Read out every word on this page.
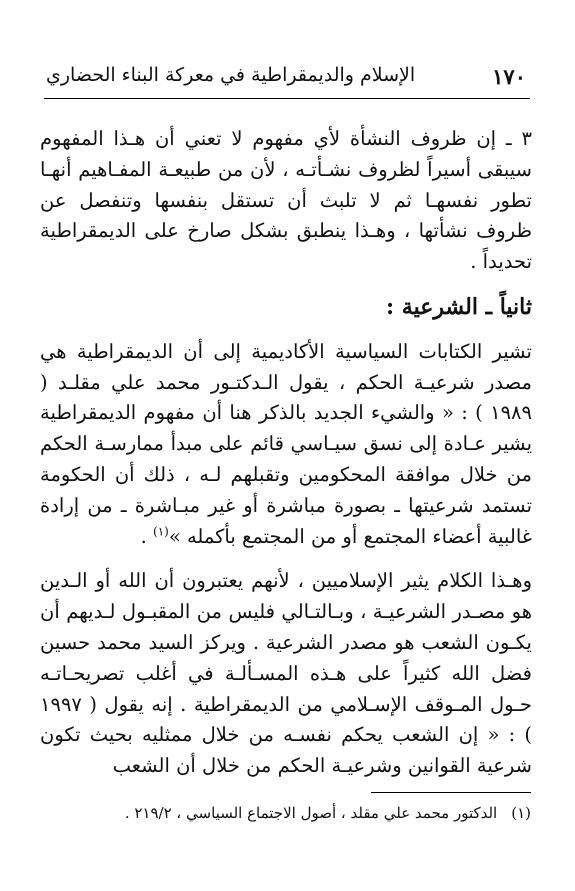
١٧٠
الإسلام والديمقراطية في معركة البناء الحضاري

٣ ـ إن ظروف النشأة لأي مفهوم لا تعني أن هـذا المفهوم سيبقى أسيراً لظروف نشـأتـه ، لأن من طبيعـة المفـاهيم أنهـا تطور نفسهـا ثم لا تلبث أن تستقل بنفسها وتنفصل عن ظروف نشأتها ، وهـذا ينطبق بشكل صارخ على الديمقراطية تحديداً .

ثانياً ـ الشرعية :

تشير الكتابات السياسية الأكاديمية إلى أن الديمقراطية هي مصدر شرعيـة الحكم ، يقول الـدكتـور محمد علي مقلـد ( ١٩٨٩ ) : « والشيء الجديد بالذكر هنا أن مفهوم الديمقراطية يشير عـادة إلى نسق سيـاسي قائم على مبدأ ممارسـة الحكم من خلال موافقة المحكومين وتقبلهم لـه ، ذلك أن الحكومة تستمد شرعيتها ـ بصورة مباشرة أو غير مبـاشرة ـ من إرادة غالبية أعضاء المجتمع أو من المجتمع بأكمله »$^{(١)}$ .

وهـذا الكلام يثير الإسلاميين ، لأنهم يعتبرون أن الله أو الـدين هو مصـدر الشرعيـة ، وبـالتـالي فليس من المقبـول لـديهم أن يكـون الشعب هو مصدر الشرعية . ويركز السيد محمد حسين فضل الله كثيراً على هـذه المسـألـة في أغلب تصريحـاتـه حـول المـوقف الإسـلامي من الديمقراطية . إنه يقول ( ١٩٩٧ ) : « إن الشعب يحكم نفسـه من خلال ممثليه بحيث تكون شرعية القوانين وشرعيـة الحكم من خلال أن الشعب

(١)الدكتور محمد علي مقلد ، أصول الاجتماع السياسي ، ٢١٩/٢ .
